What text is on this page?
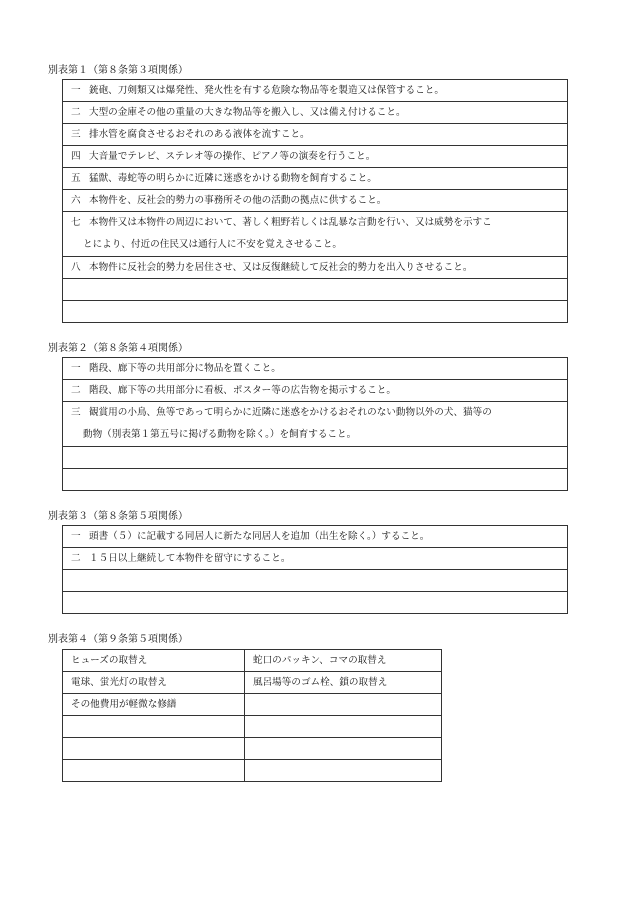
別表第１（第８条第３項関係）
一 銃砲、刀剣類又は爆発性、発火性を有する危険な物品等を製造又は保管すること。
二 大型の金庫その他の重量の大きな物品等を搬入し、又は備え付けること。
三 排水管を腐食させるおそれのある液体を流すこと。
四 大音量でテレビ、ステレオ等の操作、ピアノ等の演奏を行うこと。
五 猛獣、毒蛇等の明らかに近隣に迷惑をかける動物を飼育すること。
六 本物件を、反社会的勢力の事務所その他の活動の拠点に供すること。

七 本物件又は本物件の周辺において、著しく粗野若しくは乱暴な言動を行い、又は威勢を示すこ
とにより、付近の住民又は通行人に不安を覚えさせること。

八 本物件に反社会的勢力を居住させ、又は反復継続して反社会的勢力を出入りさせること。

別表第２（第８条第４項関係）
一 階段、廊下等の共用部分に物品を置くこと。
二 階段、廊下等の共用部分に看板、ポスター等の広告物を掲示すること。

三 観賞用の小鳥、魚等であって明らかに近隣に迷惑をかけるおそれのない動物以外の犬、猫等の
動物（別表第１第五号に掲げる動物を除く。）を飼育すること。

別表第３（第８条第５項関係）
一 頭書（５）に記載する同居人に新たな同居人を追加（出生を除く。）すること。
二 １５日以上継続して本物件を留守にすること。

別表第４（第９条第５項関係）
ヒューズの取替え	蛇口のパッキン、コマの取替え
電球、蛍光灯の取替え	風呂場等のゴム栓、鎖の取替え
その他費用が軽微な修繕	
